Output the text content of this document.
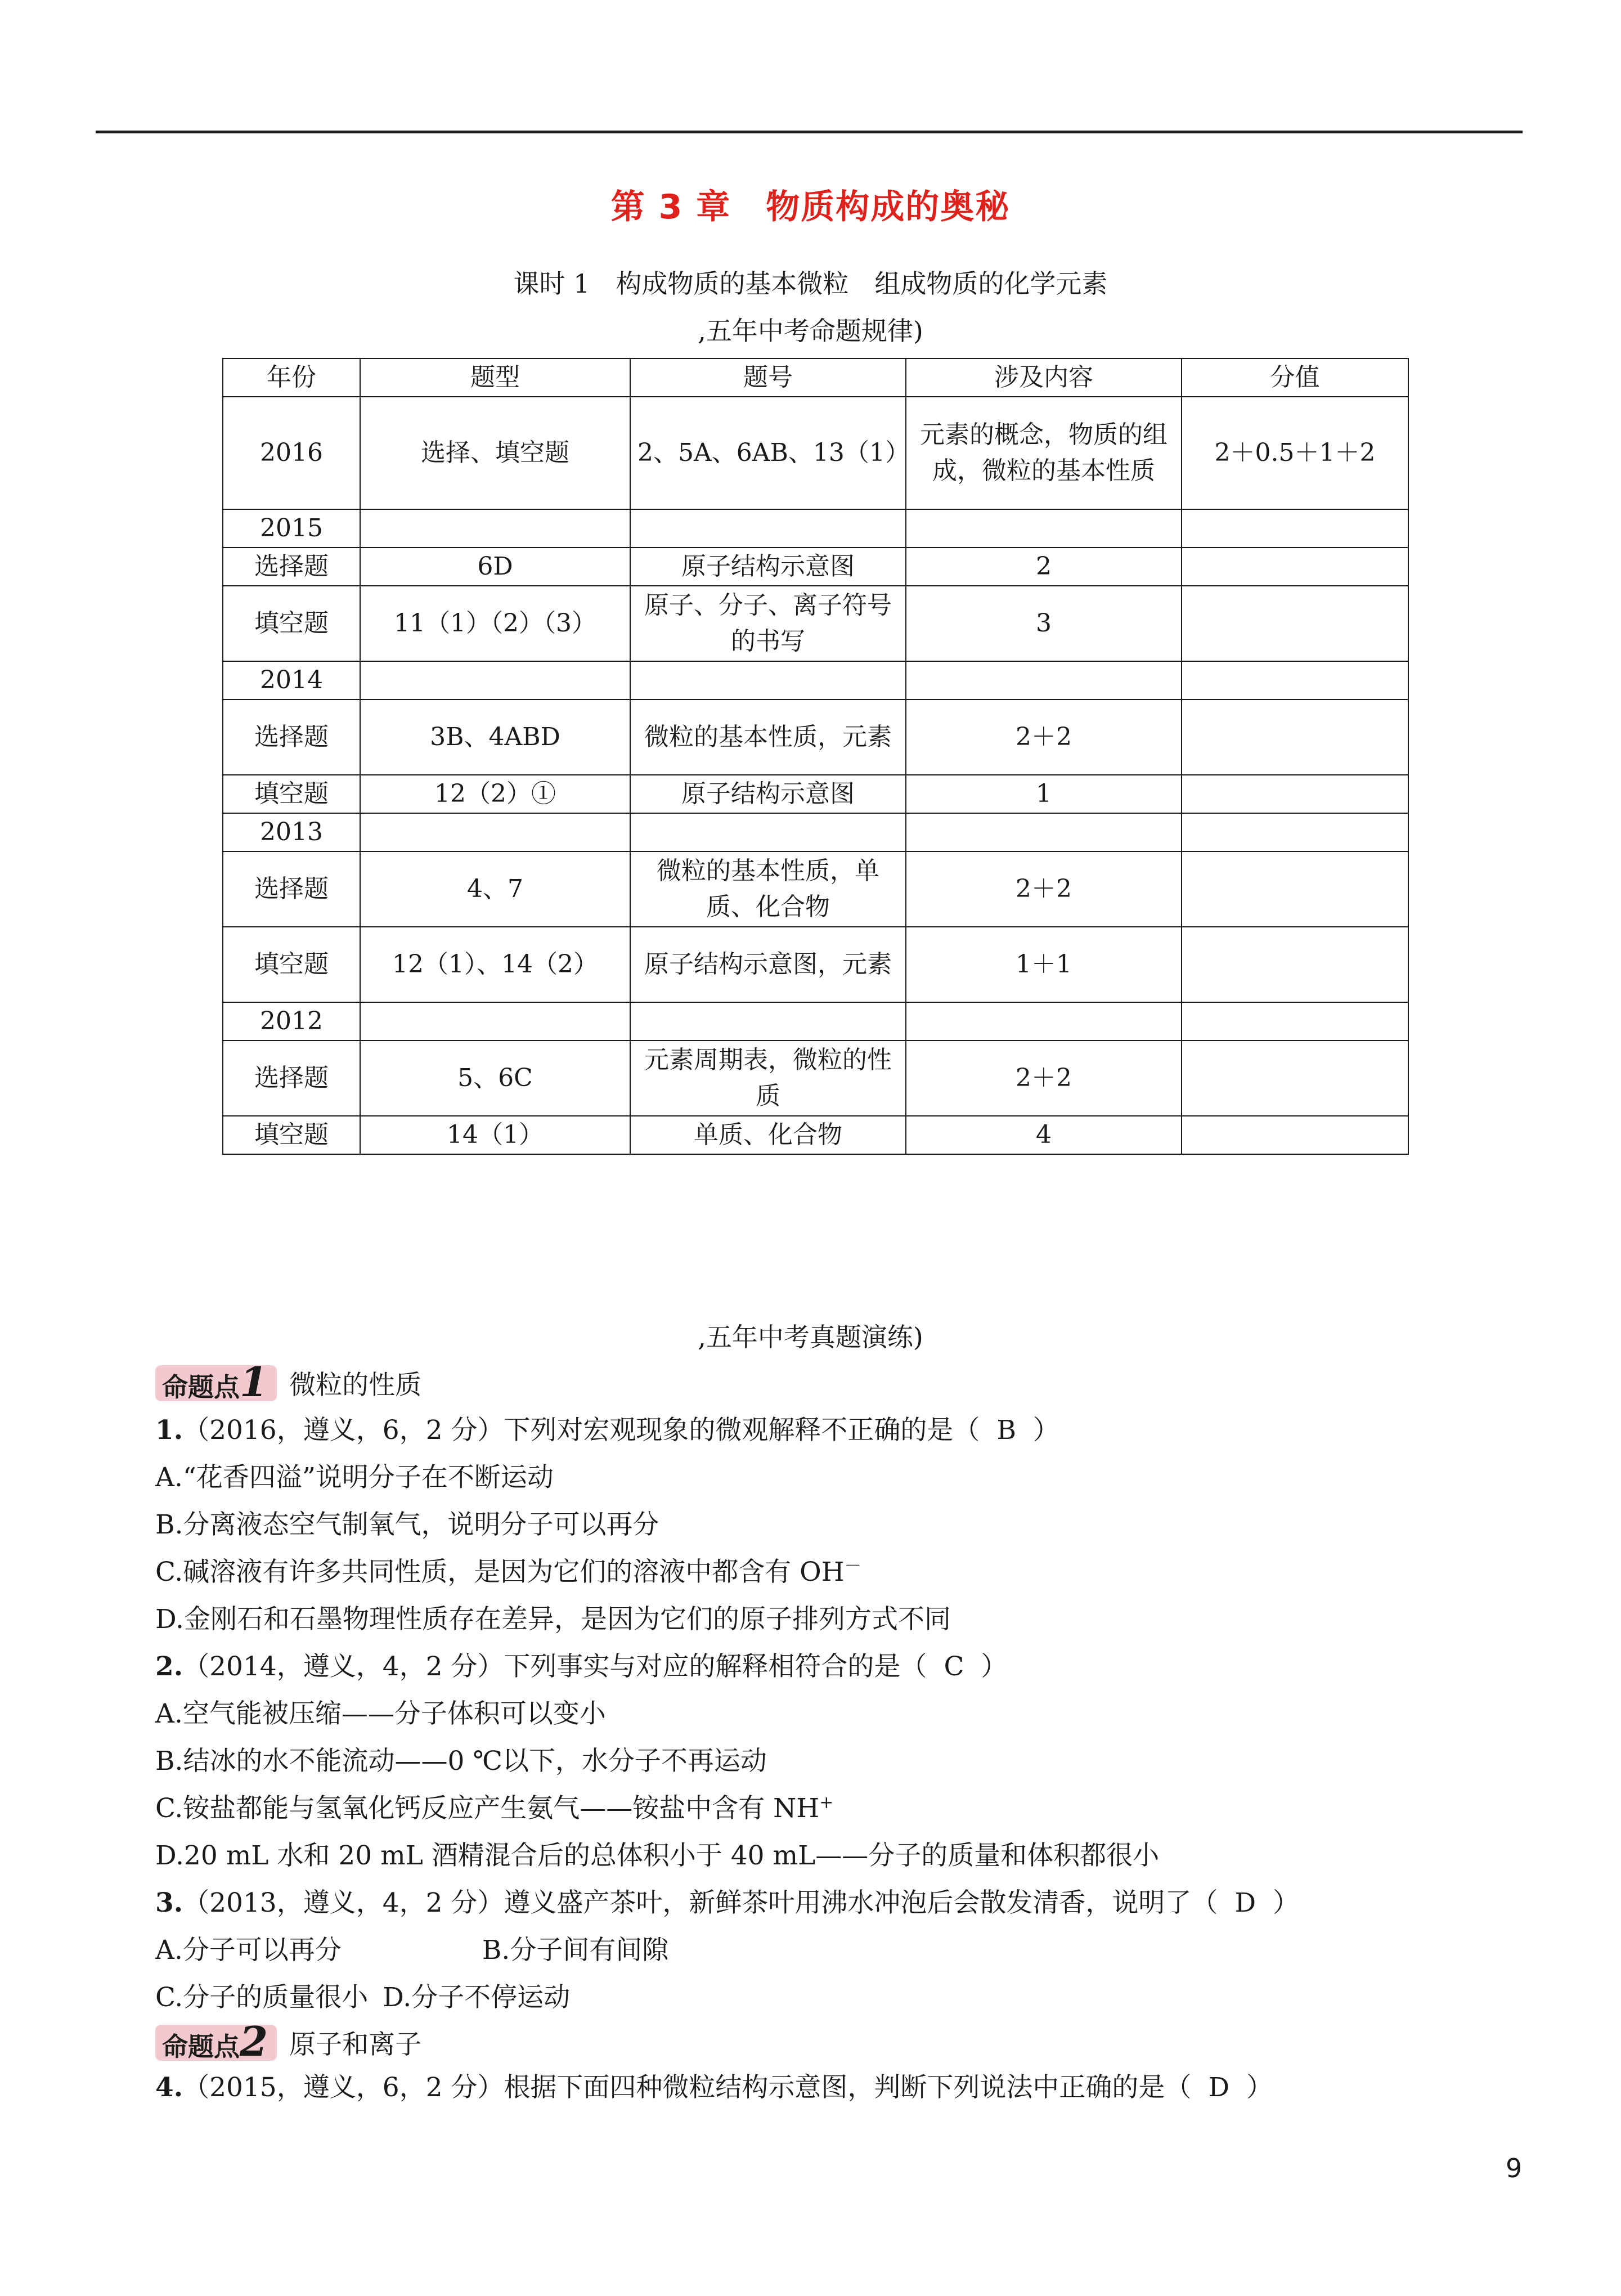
第 3 章　物质构成的奥秘
课时 1　构成物质的基本微粒　组成物质的化学元素
,五年中考命题规律)
年份	题型	题号	涉及内容	分值
2016	选择、填空题	2、5A、6AB、13（1）	元素的概念，物质的组成，微粒的基本性质	2＋0.5＋1＋2
2015				
选择题	6D	原子结构示意图	2	
填空题	11（1）（2）（3）	原子、分子、离子符号的书写	3	
2014				
选择题	3B、4ABD	微粒的基本性质，元素	2＋2	
填空题	12（2）①	原子结构示意图	1	
2013				
选择题	4、7	微粒的基本性质，单质、化合物	2＋2	
填空题	12（1）、14（2）	原子结构示意图，元素	1＋1	
2012				
选择题	5、6C	元素周期表，微粒的性质	2＋2	
填空题	14（1）	单质、化合物	4	
,五年中考真题演练)
命题点1 微粒的性质
1.（2016，遵义，6，2 分）下列对宏观现象的微观解释不正确的是（ B ）
A.“花香四溢”说明分子在不断运动
B.分离液态空气制氧气，说明分子可以再分
C.碱溶液有许多共同性质，是因为它们的溶液中都含有 OH－
D.金刚石和石墨物理性质存在差异，是因为它们的原子排列方式不同
2.（2014，遵义，4，2 分）下列事实与对应的解释相符合的是（ C ）
A.空气能被压缩——分子体积可以变小
B.结冰的水不能流动——0 ℃以下，水分子不再运动
C.铵盐都能与氢氧化钙反应产生氨气——铵盐中含有 NH+
D.20 mL 水和 20 mL 酒精混合后的总体积小于 40 mL——分子的质量和体积都很小
3.（2013，遵义，4，2 分）遵义盛产茶叶，新鲜茶叶用沸水冲泡后会散发清香，说明了（ D ）
A.分子可以再分	B.分子间有间隙
C.分子的质量很小 D.分子不停运动
命题点2 原子和离子
4.（2015，遵义，6，2 分）根据下面四种微粒结构示意图，判断下列说法中正确的是（ D ）
9
